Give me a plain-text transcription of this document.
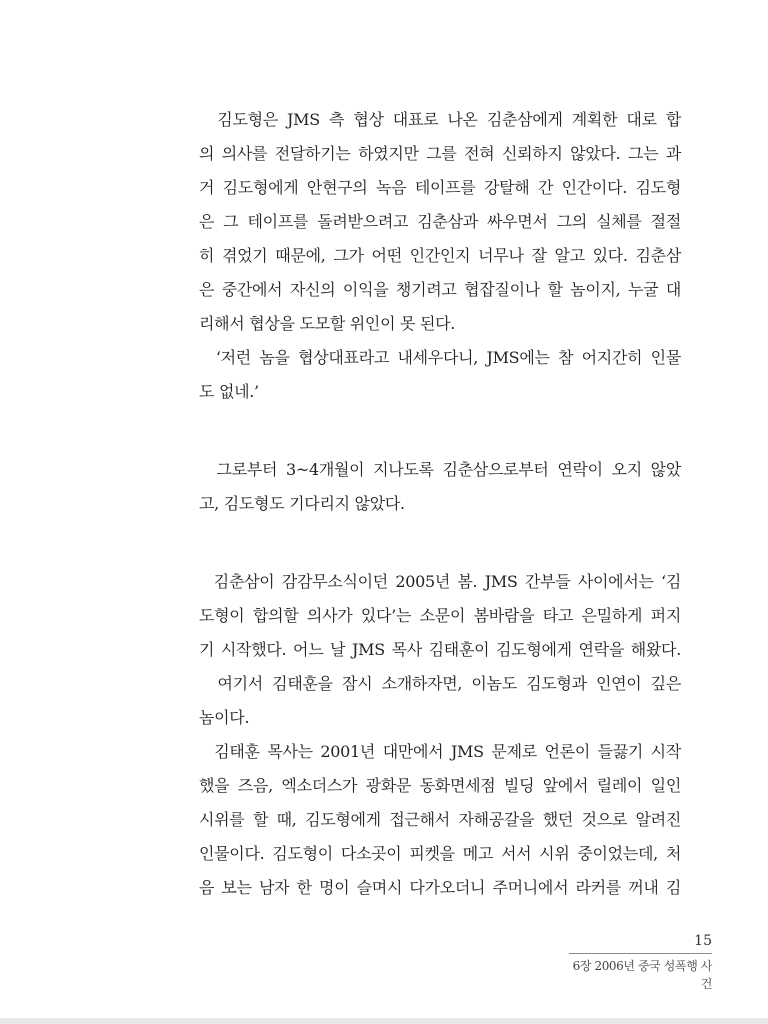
김도형은 JMS 측 협상 대표로 나온 김춘삼에게 계획한 대로 합
의 의사를 전달하기는 하였지만 그를 전혀 신뢰하지 않았다. 그는 과
거 김도형에게 안현구의 녹음 테이프를 강탈해 간 인간이다. 김도형
은 그 테이프를 돌려받으려고 김춘삼과 싸우면서 그의 실체를 절절
히 겪었기 때문에, 그가 어떤 인간인지 너무나 잘 알고 있다. 김춘삼
은 중간에서 자신의 이익을 챙기려고 협잡질이나 할 놈이지, 누굴 대
리해서 협상을 도모할 위인이 못 된다.
‘저런 놈을 협상대표라고 내세우다니, JMS에는 참 어지간히 인물
도 없네.’
그로부터 3~4개월이 지나도록 김춘삼으로부터 연락이 오지 않았
고, 김도형도 기다리지 않았다.
김춘삼이 감감무소식이던 2005년 봄. JMS 간부들 사이에서는 ‘김
도형이 합의할 의사가 있다’는 소문이 봄바람을 타고 은밀하게 퍼지
기 시작했다. 어느 날 JMS 목사 김태훈이 김도형에게 연락을 해왔다.
여기서 김태훈을 잠시 소개하자면, 이놈도 김도형과 인연이 깊은
놈이다.
김태훈 목사는 2001년 대만에서 JMS 문제로 언론이 들끓기 시작
했을 즈음, 엑소더스가 광화문 동화면세점 빌딩 앞에서 릴레이 일인
시위를 할 때, 김도형에게 접근해서 자해공갈을 했던 것으로 알려진
인물이다. 김도형이 다소곳이 피켓을 메고 서서 시위 중이었는데, 처
음 보는 남자 한 명이 슬며시 다가오더니 주머니에서 라커를 꺼내 김
15
6장 2006년 중국 성폭행 사건
